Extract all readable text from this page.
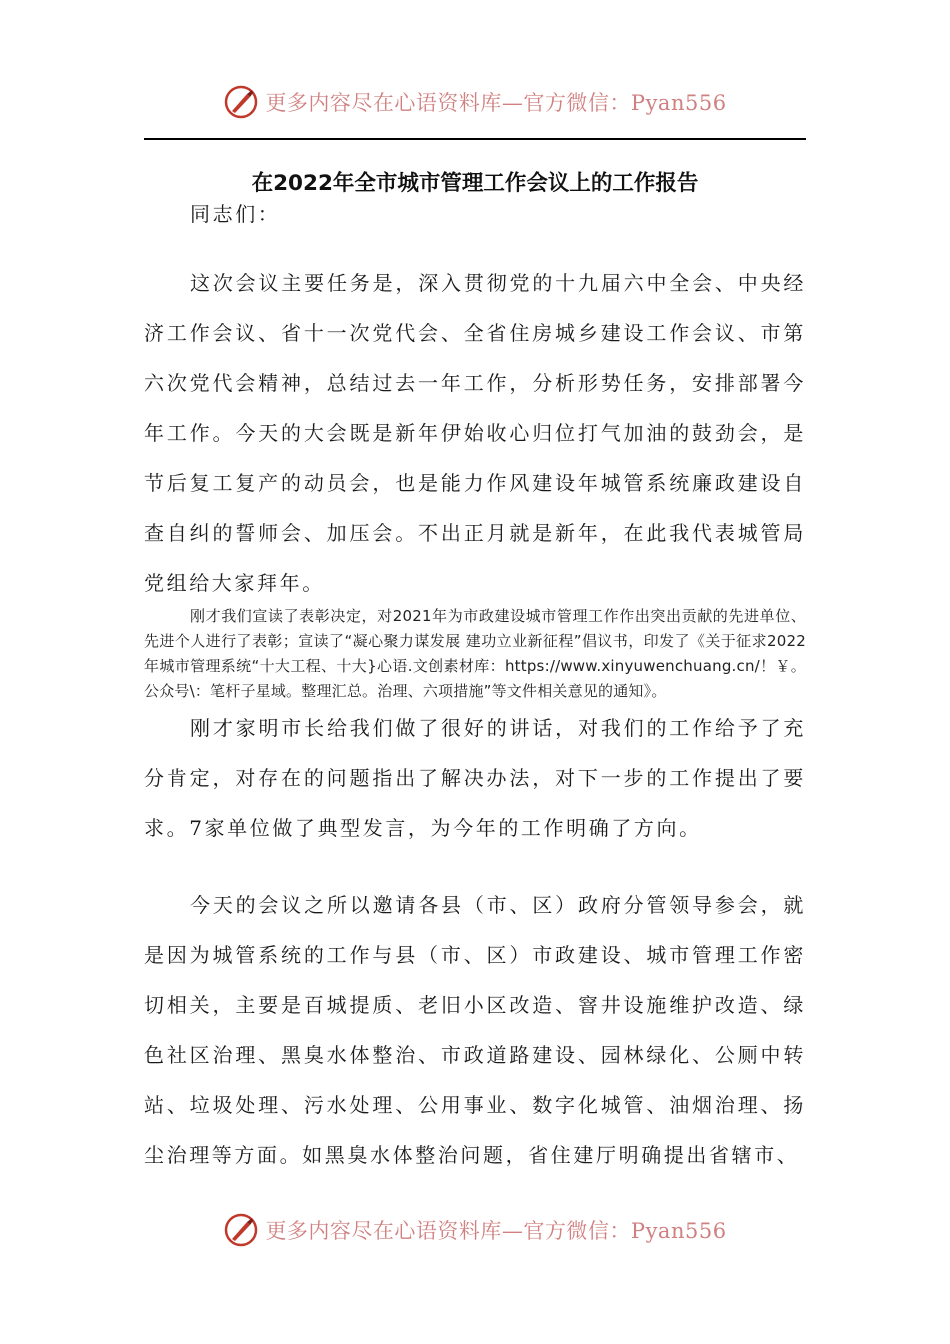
更多内容尽在心语资料库—官方微信：Pyan556
在2022年全市城市管理工作会议上的工作报告

同志们：

这次会议主要任务是，深入贯彻党的十九届六中全会、中央经济工作会议、省十一次党代会、全省住房城乡建设工作会议、市第六次党代会精神，总结过去一年工作，分析形势任务，安排部署今年工作。今天的大会既是新年伊始收心归位打气加油的鼓劲会，是节后复工复产的动员会，也是能力作风建设年城管系统廉政建设自查自纠的誓师会、加压会。不出正月就是新年，在此我代表城管局党组给大家拜年。

刚才我们宣读了表彰决定，对2021年为市政建设城市管理工作作出突出贡献的先进单位、先进个人进行了表彰；宣读了“凝心聚力谋发展 建功立业新征程”倡议书，印发了《关于征求2022年城市管理系统“十大工程、十大}心语.文创素材库：https://www.xinyuwenchuang.cn/！￥。公众号\：笔杆子星域。整理汇总。治理、六项措施”等文件相关意见的通知》。

刚才家明市长给我们做了很好的讲话，对我们的工作给予了充分肯定，对存在的问题指出了解决办法，对下一步的工作提出了要求。7家单位做了典型发言，为今年的工作明确了方向。

今天的会议之所以邀请各县（市、区）政府分管领导参会，就是因为城管系统的工作与县（市、区）市政建设、城市管理工作密切相关，主要是百城提质、老旧小区改造、窨井设施维护改造、绿色社区治理、黑臭水体整治、市政道路建设、园林绿化、公厕中转站、垃圾处理、污水处理、公用事业、数字化城管、油烟治理、扬尘治理等方面。如黑臭水体整治问题，省住建厅明确提出省辖市、

更多内容尽在心语资料库—官方微信：Pyan556
